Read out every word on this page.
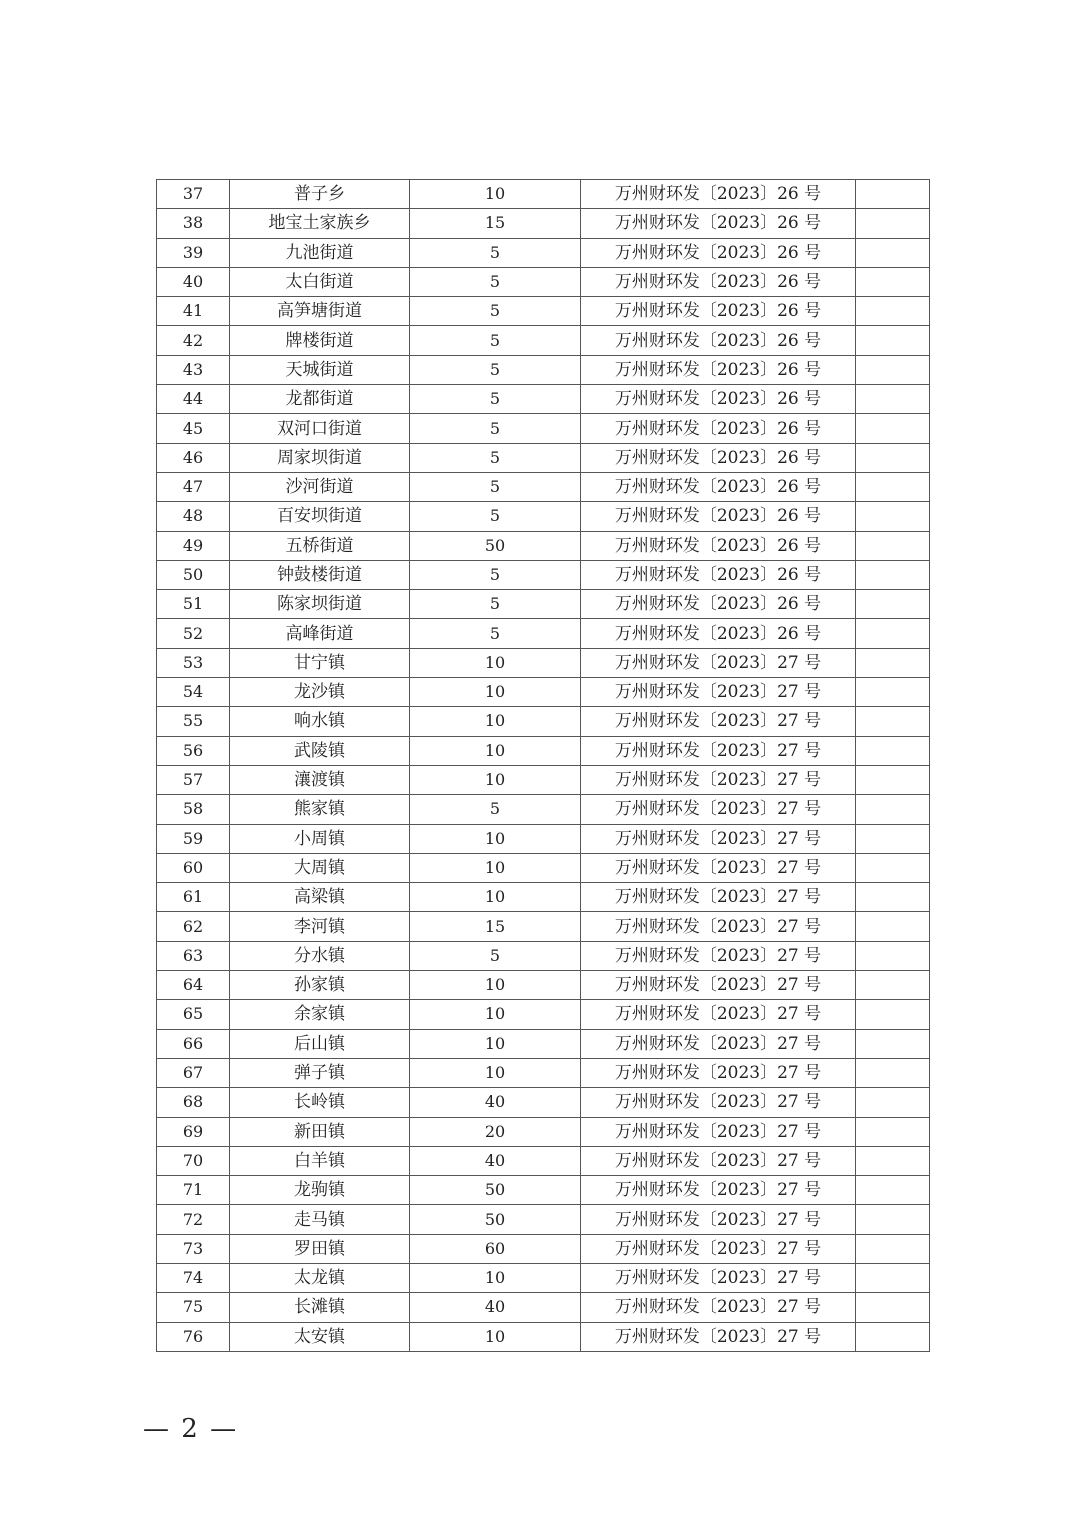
37	普子乡	10	万州财环发〔2023〕26 号	
38	地宝土家族乡	15	万州财环发〔2023〕26 号	
39	九池街道	5	万州财环发〔2023〕26 号	
40	太白街道	5	万州财环发〔2023〕26 号	
41	高笋塘街道	5	万州财环发〔2023〕26 号	
42	牌楼街道	5	万州财环发〔2023〕26 号	
43	天城街道	5	万州财环发〔2023〕26 号	
44	龙都街道	5	万州财环发〔2023〕26 号	
45	双河口街道	5	万州财环发〔2023〕26 号	
46	周家坝街道	5	万州财环发〔2023〕26 号	
47	沙河街道	5	万州财环发〔2023〕26 号	
48	百安坝街道	5	万州财环发〔2023〕26 号	
49	五桥街道	50	万州财环发〔2023〕26 号	
50	钟鼓楼街道	5	万州财环发〔2023〕26 号	
51	陈家坝街道	5	万州财环发〔2023〕26 号	
52	高峰街道	5	万州财环发〔2023〕26 号	
53	甘宁镇	10	万州财环发〔2023〕27 号	
54	龙沙镇	10	万州财环发〔2023〕27 号	
55	响水镇	10	万州财环发〔2023〕27 号	
56	武陵镇	10	万州财环发〔2023〕27 号	
57	瀼渡镇	10	万州财环发〔2023〕27 号	
58	熊家镇	5	万州财环发〔2023〕27 号	
59	小周镇	10	万州财环发〔2023〕27 号	
60	大周镇	10	万州财环发〔2023〕27 号	
61	高梁镇	10	万州财环发〔2023〕27 号	
62	李河镇	15	万州财环发〔2023〕27 号	
63	分水镇	5	万州财环发〔2023〕27 号	
64	孙家镇	10	万州财环发〔2023〕27 号	
65	余家镇	10	万州财环发〔2023〕27 号	
66	后山镇	10	万州财环发〔2023〕27 号	
67	弹子镇	10	万州财环发〔2023〕27 号	
68	长岭镇	40	万州财环发〔2023〕27 号	
69	新田镇	20	万州财环发〔2023〕27 号	
70	白羊镇	40	万州财环发〔2023〕27 号	
71	龙驹镇	50	万州财环发〔2023〕27 号	
72	走马镇	50	万州财环发〔2023〕27 号	
73	罗田镇	60	万州财环发〔2023〕27 号	
74	太龙镇	10	万州财环发〔2023〕27 号	
75	长滩镇	40	万州财环发〔2023〕27 号	
76	太安镇	10	万州财环发〔2023〕27 号	
— 2 —
